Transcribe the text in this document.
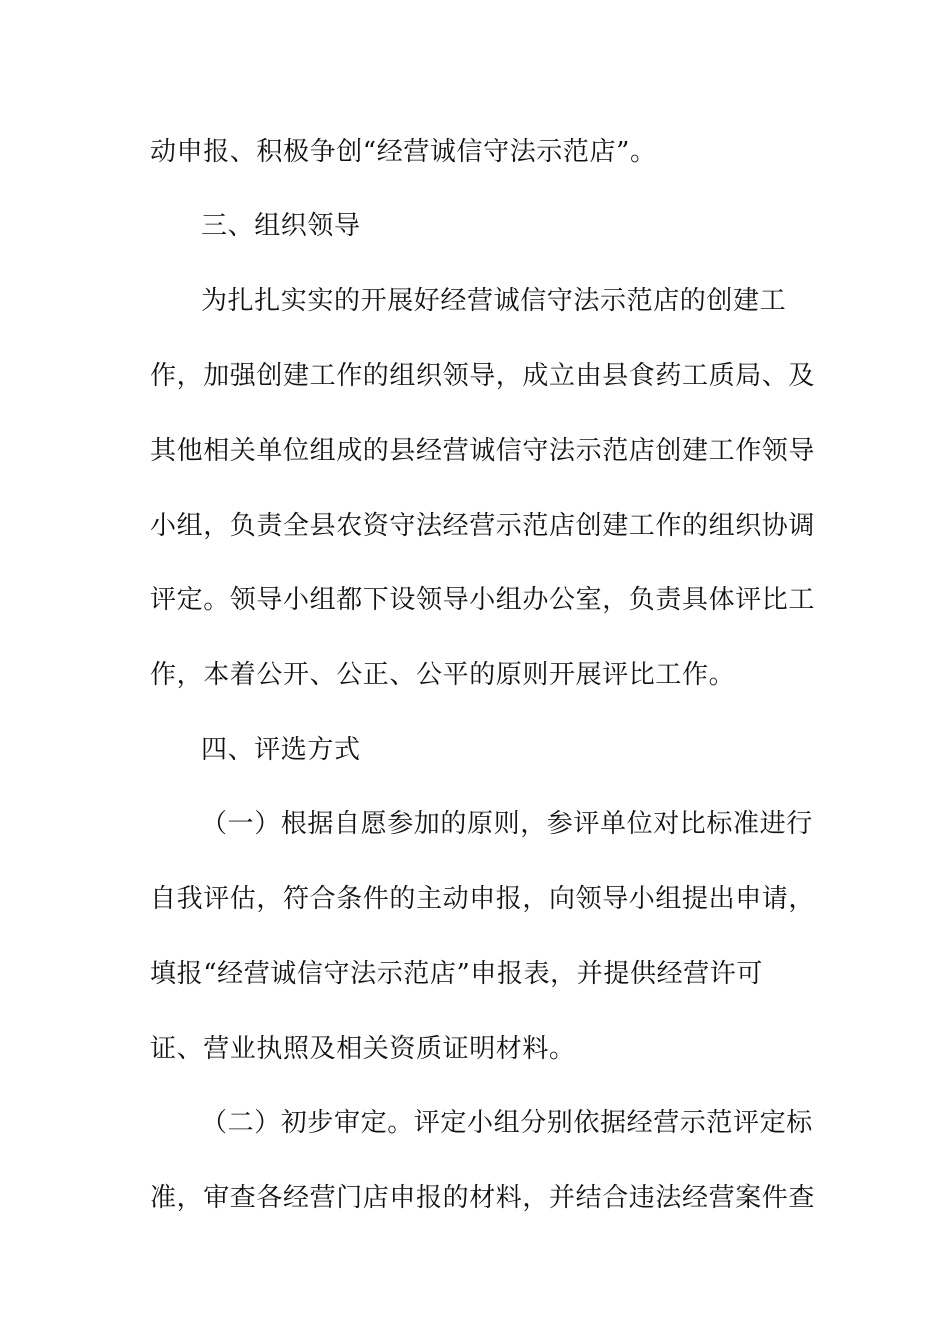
动申报、积极争创“经营诚信守法示范店”。
三、组织领导
为扎扎实实的开展好经营诚信守法示范店的创建工
作，加强创建工作的组织领导，成立由县食药工质局、及
其他相关单位组成的县经营诚信守法示范店创建工作领导
小组，负责全县农资守法经营示范店创建工作的组织协调
评定。领导小组都下设领导小组办公室，负责具体评比工
作，本着公开、公正、公平的原则开展评比工作。
四、评选方式
（一）根据自愿参加的原则，参评单位对比标准进行
自我评估，符合条件的主动申报，向领导小组提出申请，
填报“经营诚信守法示范店”申报表，并提供经营许可
证、营业执照及相关资质证明材料。
（二）初步审定。评定小组分别依据经营示范评定标
准，审查各经营门店申报的材料，并结合违法经营案件查
